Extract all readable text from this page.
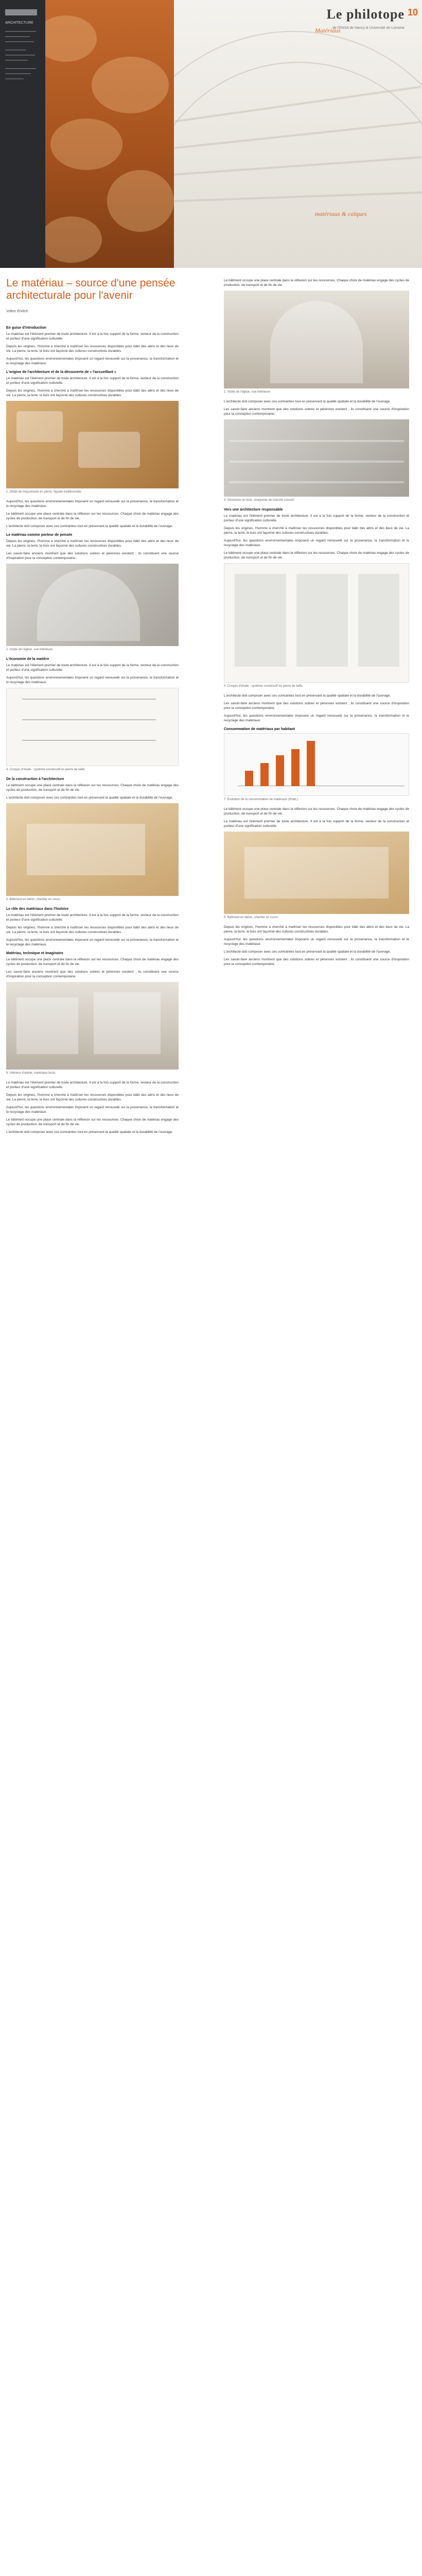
ARCHITECTURE
Le philotope
de l'ENSA de Nancy & Université de Lorraine
10
Matériaux
matériaux & calques
Le matériau – source d'une pensée architecturale pour l'avenir
Volker Ehrlich
En guise d'introduction

Le matériau est l'élément premier de toute architecture. Il est à la fois support de la forme, vecteur de la construction et porteur d'une signification culturelle.

Depuis les origines, l'homme a cherché à maîtriser les ressources disponibles pour bâtir des abris et des lieux de vie. La pierre, la terre, le bois ont façonné des cultures constructives durables.

Aujourd'hui, les questions environnementales imposent un regard renouvelé sur la provenance, la transformation et le recyclage des matériaux.

L'origine de l'architecture et de la découverte de « l'accueillant »

Le matériau est l'élément premier de toute architecture. Il est à la fois support de la forme, vecteur de la construction et porteur d'une signification culturelle.

Depuis les origines, l'homme a cherché à maîtriser les ressources disponibles pour bâtir des abris et des lieux de vie. La pierre, la terre, le bois ont façonné des cultures constructives durables.

1. Détail de maçonnerie en pierre, façade traditionnelle.

Aujourd'hui, les questions environnementales imposent un regard renouvelé sur la provenance, la transformation et le recyclage des matériaux.

Le bâtiment occupe une place centrale dans la réflexion sur les ressources. Chaque choix de matériau engage des cycles de production, de transport et de fin de vie.

L'architecte doit composer avec ces contraintes tout en préservant la qualité spatiale et la durabilité de l'ouvrage.

Le matériau comme porteur de pensée

Depuis les origines, l'homme a cherché à maîtriser les ressources disponibles pour bâtir des abris et des lieux de vie. La pierre, la terre, le bois ont façonné des cultures constructives durables.

Les savoir-faire anciens montrent que des solutions sobres et pérennes existent ; ils constituent une source d'inspiration pour la conception contemporaine.

2. Voûte de l'église, vue intérieure.
L'économie de la matière

Le matériau est l'élément premier de toute architecture. Il est à la fois support de la forme, vecteur de la construction et porteur d'une signification culturelle.

Aujourd'hui, les questions environnementales imposent un regard renouvelé sur la provenance, la transformation et le recyclage des matériaux.

4. Croquis d'étude : système constructif en pierre de taille.
De la construction à l'architecture

Le bâtiment occupe une place centrale dans la réflexion sur les ressources. Chaque choix de matériau engage des cycles de production, de transport et de fin de vie.

L'architecte doit composer avec ces contraintes tout en préservant la qualité spatiale et la durabilité de l'ouvrage.

5. Bâtiment en béton, chantier en cours.
Le rôle des matériaux dans l'histoire

Le matériau est l'élément premier de toute architecture. Il est à la fois support de la forme, vecteur de la construction et porteur d'une signification culturelle.

Depuis les origines, l'homme a cherché à maîtriser les ressources disponibles pour bâtir des abris et des lieux de vie. La pierre, la terre, le bois ont façonné des cultures constructives durables.

Aujourd'hui, les questions environnementales imposent un regard renouvelé sur la provenance, la transformation et le recyclage des matériaux.

Matériau, technique et imaginaire

Le bâtiment occupe une place centrale dans la réflexion sur les ressources. Chaque choix de matériau engage des cycles de production, de transport et de fin de vie.

Les savoir-faire anciens montrent que des solutions sobres et pérennes existent ; ils constituent une source d'inspiration pour la conception contemporaine.

6. Intérieur d'atelier, matériaux bruts.

Le matériau est l'élément premier de toute architecture. Il est à la fois support de la forme, vecteur de la construction et porteur d'une signification culturelle.

Depuis les origines, l'homme a cherché à maîtriser les ressources disponibles pour bâtir des abris et des lieux de vie. La pierre, la terre, le bois ont façonné des cultures constructives durables.

Aujourd'hui, les questions environnementales imposent un regard renouvelé sur la provenance, la transformation et le recyclage des matériaux.

Le bâtiment occupe une place centrale dans la réflexion sur les ressources. Chaque choix de matériau engage des cycles de production, de transport et de fin de vie.

L'architecte doit composer avec ces contraintes tout en préservant la qualité spatiale et la durabilité de l'ouvrage.

Le bâtiment occupe une place centrale dans la réflexion sur les ressources. Chaque choix de matériau engage des cycles de production, de transport et de fin de vie.

2. Voûte de l'église, vue intérieure.

L'architecte doit composer avec ces contraintes tout en préservant la qualité spatiale et la durabilité de l'ouvrage.

Les savoir-faire anciens montrent que des solutions sobres et pérennes existent ; ils constituent une source d'inspiration pour la conception contemporaine.

3. Structures en bois, charpente de marché couvert.
Vers une architecture responsable

Le matériau est l'élément premier de toute architecture. Il est à la fois support de la forme, vecteur de la construction et porteur d'une signification culturelle.

Depuis les origines, l'homme a cherché à maîtriser les ressources disponibles pour bâtir des abris et des lieux de vie. La pierre, la terre, le bois ont façonné des cultures constructives durables.

Aujourd'hui, les questions environnementales imposent un regard renouvelé sur la provenance, la transformation et le recyclage des matériaux.

Le bâtiment occupe une place centrale dans la réflexion sur les ressources. Chaque choix de matériau engage des cycles de production, de transport et de fin de vie.

4. Croquis d'étude : système constructif en pierre de taille.

L'architecte doit composer avec ces contraintes tout en préservant la qualité spatiale et la durabilité de l'ouvrage.

Les savoir-faire anciens montrent que des solutions sobres et pérennes existent ; ils constituent une source d'inspiration pour la conception contemporaine.

Aujourd'hui, les questions environnementales imposent un regard renouvelé sur la provenance, la transformation et le recyclage des matériaux.

Consommation de matériaux par habitant
7. Évolution de la consommation de matériaux (t/hab.).

Le bâtiment occupe une place centrale dans la réflexion sur les ressources. Chaque choix de matériau engage des cycles de production, de transport et de fin de vie.

Le matériau est l'élément premier de toute architecture. Il est à la fois support de la forme, vecteur de la construction et porteur d'une signification culturelle.

5. Bâtiment en béton, chantier en cours.

Depuis les origines, l'homme a cherché à maîtriser les ressources disponibles pour bâtir des abris et des lieux de vie. La pierre, la terre, le bois ont façonné des cultures constructives durables.

Aujourd'hui, les questions environnementales imposent un regard renouvelé sur la provenance, la transformation et le recyclage des matériaux.

L'architecte doit composer avec ces contraintes tout en préservant la qualité spatiale et la durabilité de l'ouvrage.

Les savoir-faire anciens montrent que des solutions sobres et pérennes existent ; ils constituent une source d'inspiration pour la conception contemporaine.
